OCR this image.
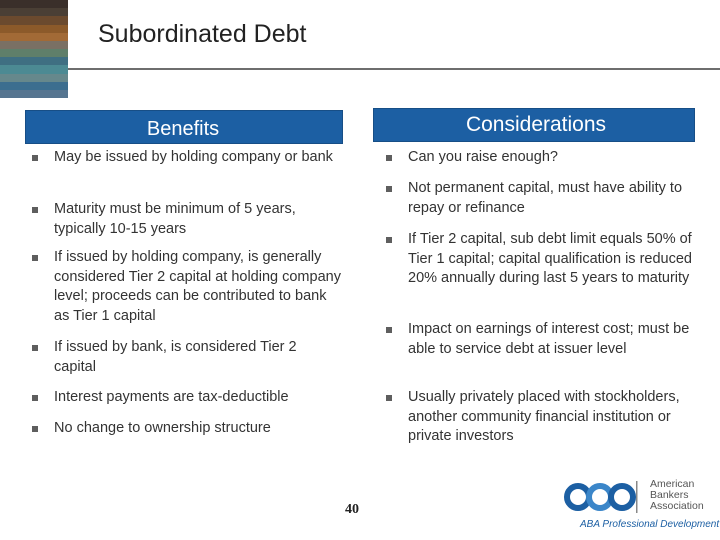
Subordinated Debt
Benefits	Considerations
May be issued by holding company or bank
Maturity must be minimum of 5 years, typically 10-15 years
If issued by holding company, is generally considered Tier 2 capital at holding company level; proceeds can be contributed to bank as Tier 1 capital
If issued by bank, is considered Tier 2 capital
Interest payments are tax-deductible
No change to ownership structure
Can you raise enough?
Not permanent capital, must have ability to repay or refinance
If Tier 2 capital, sub debt limit equals 50% of Tier 1 capital; capital qualification is reduced 20% annually during last 5 years to maturity
Impact on earnings of interest cost; must be able to service debt at issuer level
Usually privately placed with stockholders, another community financial institution or private investors
40
American
Bankers
Association
ABA Professional Development
